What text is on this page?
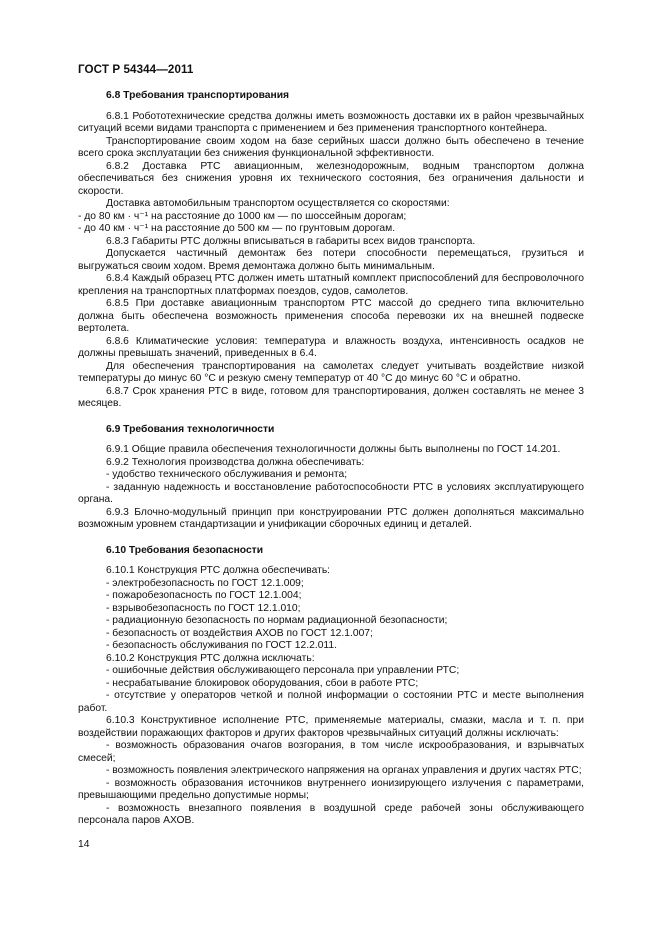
ГОСТ Р 54344—2011
6.8 Требования транспортирования

6.8.1 Робототехнические средства должны иметь возможность доставки их в район чрезвычайных ситуаций всеми видами транспорта с применением и без применения транспортного контейнера.

Транспортирование своим ходом на базе серийных шасси должно быть обеспечено в течение всего срока эксплуатации без снижения функциональной эффективности.

6.8.2 Доставка РТС авиационным, железнодорожным, водным транспортом должна обеспечиваться без снижения уровня их технического состояния, без ограничения дальности и скорости.

Доставка автомобильным транспортом осуществляется со скоростями:

- до 80 км · ч⁻¹ на расстояние до 1000 км — по шоссейным дорогам;

- до 40 км · ч⁻¹ на расстояние до 500 км — по грунтовым дорогам.

6.8.3 Габариты РТС должны вписываться в габариты всех видов транспорта.

Допускается частичный демонтаж без потери способности перемещаться, грузиться и выгружаться своим ходом. Время демонтажа должно быть минимальным.

6.8.4 Каждый образец РТС должен иметь штатный комплект приспособлений для беспроволочного крепления на транспортных платформах поездов, судов, самолетов.

6.8.5 При доставке авиационным транспортом РТС массой до среднего типа включительно должна быть обеспечена возможность применения способа перевозки их на внешней подвеске вертолета.

6.8.6 Климатические условия: температура и влажность воздуха, интенсивность осадков не должны превышать значений, приведенных в 6.4.

Для обеспечения транспортирования на самолетах следует учитывать воздействие низкой температуры до минус 60 °С и резкую смену температур от 40 °С до минус 60 °С и обратно.

6.8.7 Срок хранения РТС в виде, готовом для транспортирования, должен составлять не менее 3 месяцев.

6.9 Требования технологичности

6.9.1 Общие правила обеспечения технологичности должны быть выполнены по ГОСТ 14.201.

6.9.2 Технология производства должна обеспечивать:

- удобство технического обслуживания и ремонта;

- заданную надежность и восстановление работоспособности РТС в условиях эксплуатирующего органа.

6.9.3 Блочно-модульный принцип при конструировании РТС должен дополняться максимально возможным уровнем стандартизации и унификации сборочных единиц и деталей.

6.10 Требования безопасности

6.10.1 Конструкция РТС должна обеспечивать:

- электробезопасность по ГОСТ 12.1.009;

- пожаробезопасность по ГОСТ 12.1.004;

- взрывобезопасность по ГОСТ 12.1.010;

- радиационную безопасность по нормам радиационной безопасности;

- безопасность от воздействия АХОВ по ГОСТ 12.1.007;

- безопасность обслуживания по ГОСТ 12.2.011.

6.10.2 Конструкция РТС должна исключать:

- ошибочные действия обслуживающего персонала при управлении РТС;

- несрабатывание блокировок оборудования, сбои в работе РТС;

- отсутствие у операторов четкой и полной информации о состоянии РТС и месте выполнения работ.

6.10.3 Конструктивное исполнение РТС, применяемые материалы, смазки, масла и т. п. при воздействии поражающих факторов и других факторов чрезвычайных ситуаций должны исключать:

- возможность образования очагов возгорания, в том числе искрообразования, и взрывчатых смесей;

- возможность появления электрического напряжения на органах управления и других частях РТС;

- возможность образования источников внутреннего ионизирующего излучения с параметрами, превышающими предельно допустимые нормы;

- возможность внезапного появления в воздушной среде рабочей зоны обслуживающего персонала паров АХОВ.

14
